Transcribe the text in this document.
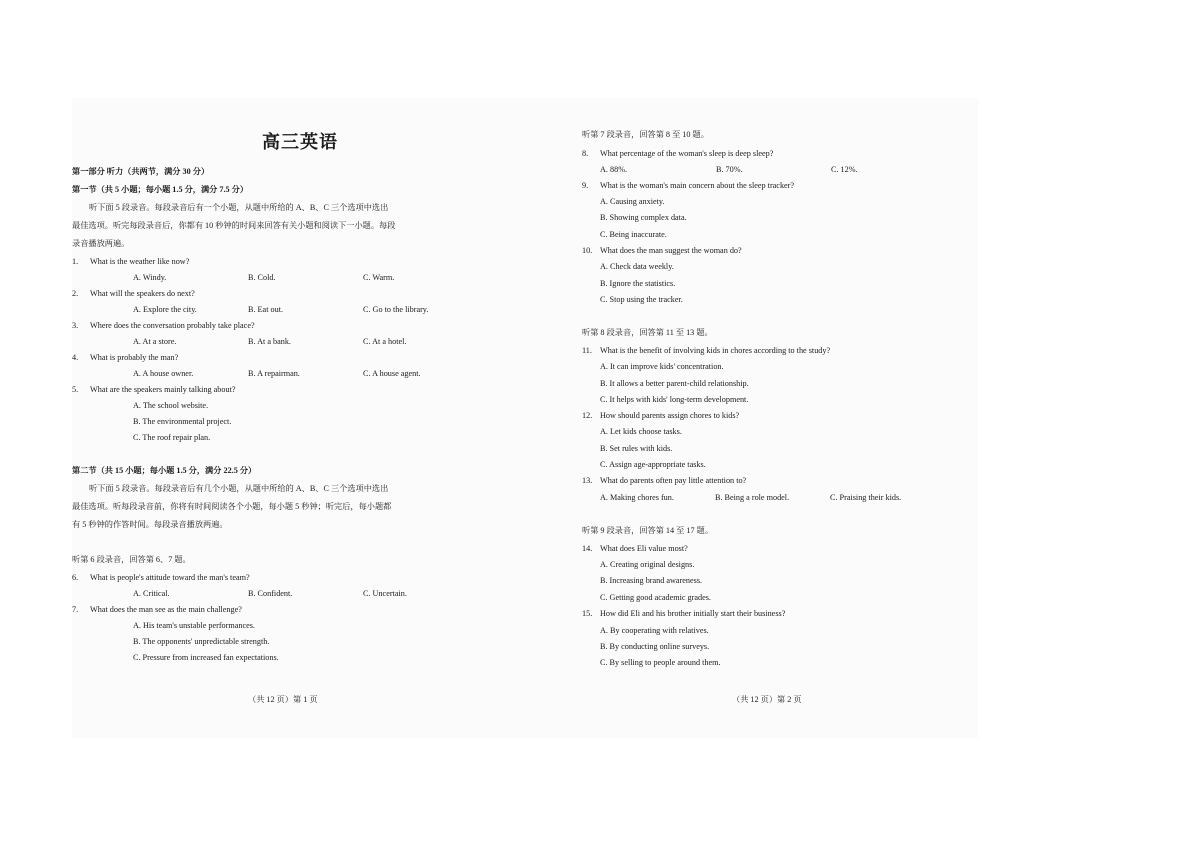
高三英语
第一部分 听力（共两节，满分 30 分）
第一节（共 5 小题；每小题 1.5 分，满分 7.5 分）
听下面 5 段录音。每段录音后有一个小题，从题中所给的 A、B、C 三个选项中选出
最佳选项。听完每段录音后，你都有 10 秒钟的时间来回答有关小题和阅读下一小题。每段
录音播放两遍。
1. What is the weather like now?
A. Windy.	B. Cold.	C. Warm.
2. What will the speakers do next?
A. Explore the city.	B. Eat out.	C. Go to the library.
3. Where does the conversation probably take place?
A. At a store.	B. At a bank.	C. At a hotel.
4. What is probably the man?
A. A house owner.	B. A repairman.	C. A house agent.
5. What are the speakers mainly talking about?
A. The school website.
B. The environmental project.
C. The roof repair plan.
第二节（共 15 小题；每小题 1.5 分，满分 22.5 分）
听下面 5 段录音。每段录音后有几个小题，从题中所给的 A、B、C 三个选项中选出
最佳选项。听每段录音前，你将有时间阅读各个小题，每小题 5 秒钟；听完后，每小题都
有 5 秒钟的作答时间。每段录音播放两遍。
听第 6 段录音，回答第 6、7 题。
6. What is people's attitude toward the man's team?
A. Critical.	B. Confident.	C. Uncertain.
7. What does the man see as the main challenge?
A. His team's unstable performances.
B. The opponents' unpredictable strength.
C. Pressure from increased fan expectations.
（共 12 页）第 1 页
听第 7 段录音，回答第 8 至 10 题。
8. What percentage of the woman's sleep is deep sleep?
A. 88%.	B. 70%.	C. 12%.
9. What is the woman's main concern about the sleep tracker?
A. Causing anxiety.
B. Showing complex data.
C. Being inaccurate.
10. What does the man suggest the woman do?
A. Check data weekly.
B. Ignore the statistics.
C. Stop using the tracker.
听第 8 段录音，回答第 11 至 13 题。
11. What is the benefit of involving kids in chores according to the study?
A. It can improve kids' concentration.
B. It allows a better parent-child relationship.
C. It helps with kids' long-term development.
12. How should parents assign chores to kids?
A. Let kids choose tasks.
B. Set rules with kids.
C. Assign age-appropriate tasks.
13. What do parents often pay little attention to?
A. Making chores fun.	B. Being a role model.	C. Praising their kids.
听第 9 段录音，回答第 14 至 17 题。
14. What does Eli value most?
A. Creating original designs.
B. Increasing brand awareness.
C. Getting good academic grades.
15. How did Eli and his brother initially start their business?
A. By cooperating with relatives.
B. By conducting online surveys.
C. By selling to people around them.
（共 12 页）第 2 页
